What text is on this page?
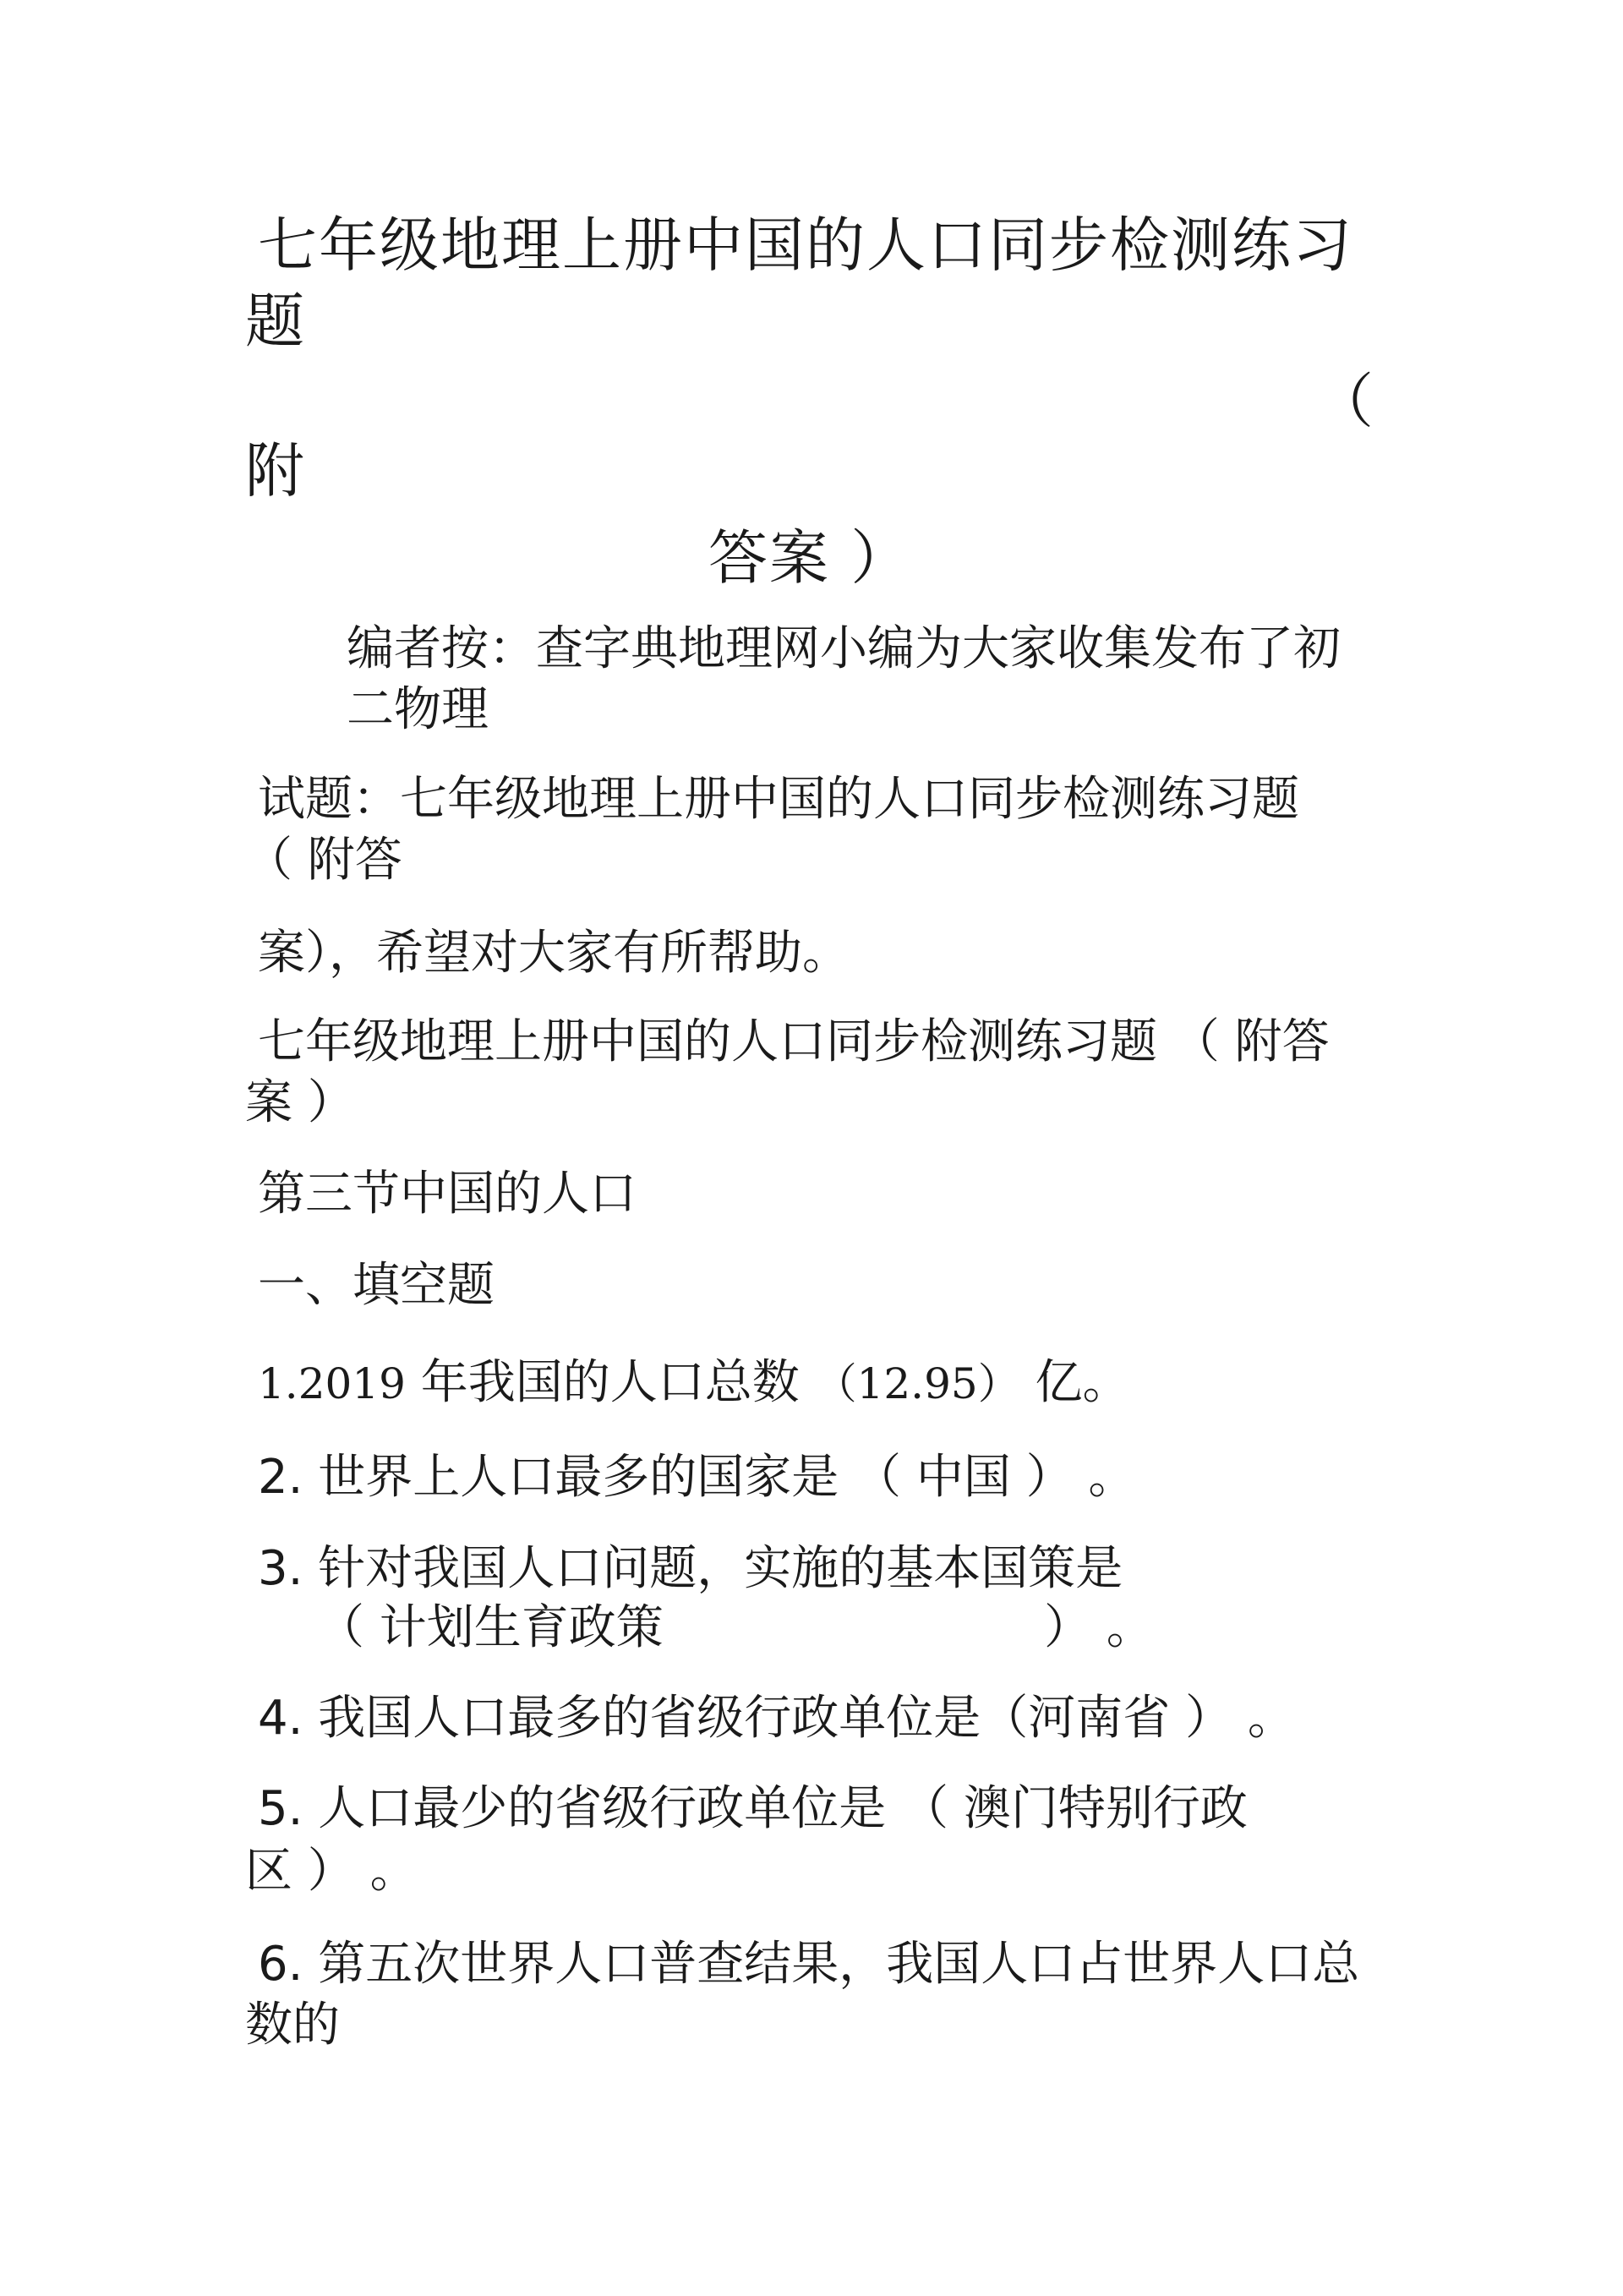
七年级地理上册中国的人口同步检测练习
题
（
附
答案 ）
编者按：查字典地理网小编为大家收集发布了初
二物理
试题：七年级地理上册中国的人口同步检测练习题
（ 附答
案），希望对大家有所帮助。
七年级地理上册中国的人口同步检测练习题 （ 附答
案 ）
第三节中国的人口
一、填空题
1.2019 年我国的人口总数 （12.95） 亿。
2. 世界上人口最多的国家是 （ 中国 ） 。
3. 针对我国人口问题，实施的基本国策是
（ 计划生育政策	） 。
4. 我国人口最多的省级行政单位是（河南省 ） 。
5. 人口最少的省级行政单位是 （ 澳门特别行政
区 ） 。
6. 第五次世界人口普查结果，我国人口占世界人口总
数的
